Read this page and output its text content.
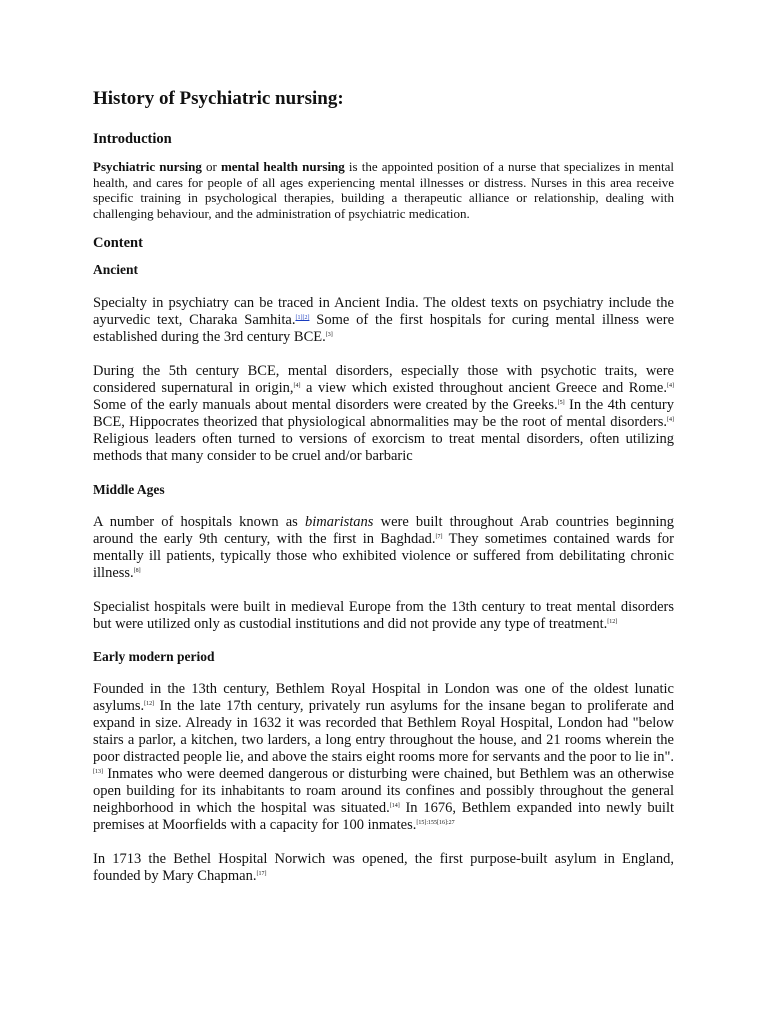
History of Psychiatric nursing:
Introduction

Psychiatric nursing or mental health nursing is the appointed position of a nurse that specializes in mental health, and cares for people of all ages experiencing mental illnesses or distress. Nurses in this area receive specific training in psychological therapies, building a therapeutic alliance or relationship, dealing with challenging behaviour, and the administration of psychiatric medication.

Content
Ancient

Specialty in psychiatry can be traced in Ancient India. The oldest texts on psychiatry include the ayurvedic text, Charaka Samhita.[1][2] Some of the first hospitals for curing mental illness were established during the 3rd century BCE.[3]

During the 5th century BCE, mental disorders, especially those with psychotic traits, were considered supernatural in origin,[4] a view which existed throughout ancient Greece and Rome.[4] Some of the early manuals about mental disorders were created by the Greeks.[5] In the 4th century BCE, Hippocrates theorized that physiological abnormalities may be the root of mental disorders.[4] Religious leaders often turned to versions of exorcism to treat mental disorders, often utilizing methods that many consider to be cruel and/or barbaric

Middle Ages

A number of hospitals known as bimaristans were built throughout Arab countries beginning around the early 9th century, with the first in Baghdad.[7] They sometimes contained wards for mentally ill patients, typically those who exhibited violence or suffered from debilitating chronic illness.[8]

Specialist hospitals were built in medieval Europe from the 13th century to treat mental disorders but were utilized only as custodial institutions and did not provide any type of treatment.[12]

Early modern period

Founded in the 13th century, Bethlem Royal Hospital in London was one of the oldest lunatic asylums.[12] In the late 17th century, privately run asylums for the insane began to proliferate and expand in size. Already in 1632 it was recorded that Bethlem Royal Hospital, London had "below stairs a parlor, a kitchen, two larders, a long entry throughout the house, and 21 rooms wherein the poor distracted people lie, and above the stairs eight rooms more for servants and the poor to lie in".[13] Inmates who were deemed dangerous or disturbing were chained, but Bethlem was an otherwise open building for its inhabitants to roam around its confines and possibly throughout the general neighborhood in which the hospital was situated.[14] In 1676, Bethlem expanded into newly built premises at Moorfields with a capacity for 100 inmates.$^{[15]:155[16]:27}$

In 1713 the Bethel Hospital Norwich was opened, the first purpose-built asylum in England, founded by Mary Chapman.[17]
